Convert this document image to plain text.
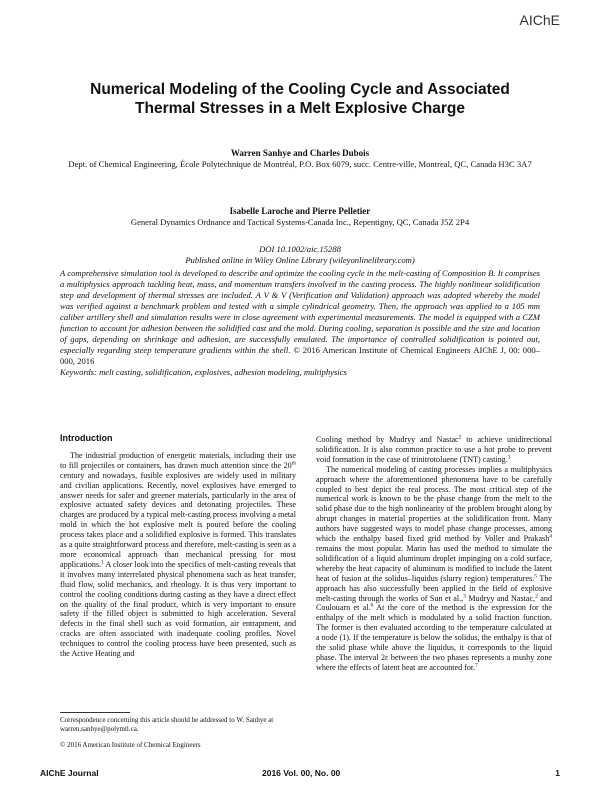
AIChE
Numerical Modeling of the Cooling Cycle and Associated Thermal Stresses in a Melt Explosive Charge
Warren Sanhye and Charles Dubois
Dept. of Chemical Engineering, École Polytechnique de Montréal, P.O. Box 6079, succ. Centre-ville, Montreal, QC, Canada H3C 3A7
Isabelle Laroche and Pierre Pelletier
General Dynamics Ordnance and Tactical Systems-Canada Inc., Repentigny, QC, Canada J5Z 2P4
DOI 10.1002/aic.15288
Published online in Wiley Online Library (wileyonlinelibrary.com)
A comprehensive simulation tool is developed to describe and optimize the cooling cycle in the melt-casting of Composition B. It comprises a multiphysics approach tackling heat, mass, and momentum transfers involved in the casting process. The highly nonlinear solidification step and development of thermal stresses are included. A V & V (Verification and Validation) approach was adopted whereby the model was verified against a benchmark problem and tested with a simple cylindrical geometry. Then, the approach was applied to a 105 mm caliber artillery shell and simulation results were in close agreement with experimental measurements. The model is equipped with a CZM function to account for adhesion between the solidified cast and the mold. During cooling, separation is possible and the size and location of gaps, depending on shrinkage and adhesion, are successfully emulated. The importance of controlled solidification is pointed out, especially regarding steep temperature gradients within the shell. © 2016 American Institute of Chemical Engineers AIChE J, 00: 000–000, 2016
Keywords: melt casting, solidification, explosives, adhesion modeling, multiphysics
Introduction

The industrial production of energetic materials, including their use to fill projectiles or containers, has drawn much attention since the 20th century and nowadays, fusible explosives are widely used in military and civilian applications. Recently, novel explosives have emerged to answer needs for safer and greener materials, particularly in the area of explosive actuated safety devices and detonating projectiles. These charges are produced by a typical melt-casting process involving a metal mold in which the hot explosive melt is poured before the cooling process takes place and a solidified explosive is formed. This translates as a quite straightforward process and therefore, melt-casting is seen as a more economical approach than mechanical pressing for most applications.$^1$ A closer look into the specifics of melt-casting reveals that it involves many interrelated physical phenomena such as heat transfer, fluid flow, solid mechanics, and rheology. It is thus very important to control the cooling conditions during casting as they have a direct effect on the quality of the final product, which is very important to ensure safety if the filled object is submitted to high acceleration. Several defects in the final shell such as void formation, air entrapment, and cracks are often associated with inadequate cooling profiles. Novel techniques to control the cooling process have been presented, such as the Active Heating and

Cooling method by Mudryy and Nastac$^2$ to achieve unidirectional solidification. It is also common practice to use a hot probe to prevent void formation in the case of trinitrotoluene (TNT) casting.$^3$

The numerical modeling of casting processes implies a multiphysics approach where the aforementioned phenomena have to be carefully coupled to best depict the real process. The most critical step of the numerical work is known to be the phase change from the melt to the solid phase due to the high nonlinearity of the problem brought along by abrupt changes in material properties at the solidification front. Many authors have suggested ways to model phase change processes, among which the enthalpy based fixed grid method by Voller and Prakash$^4$ remains the most popular. Marin has used the method to simulate the solidification of a liquid aluminum droplet impinging on a cold surface, whereby the heat capacity of aluminum is modified to include the latent heat of fusion at the solidus–liquidus (slurry region) temperatures.$^5$ The approach has also successfully been applied in the field of explosive melt-casting through the works of Sun et al.,$^3$ Mudryy and Nastac,$^2$ and Coulouarn et al.$^6$ At the core of the method is the expression for the enthalpy of the melt which is modulated by a solid fraction function. The former is then evaluated according to the temperature calculated at a node (1). If the temperature is below the solidus, the enthalpy is that of the solid phase while above the liquidus, it corresponds to the liquid phase. The interval 2ε between the two phases represents a mushy zone where the effects of latent heat are accounted for.$^7$

Correspondence concerning this article should be addressed to W. Sanhye at warren.sanhye@polymtl.ca.
© 2016 American Institute of Chemical Engineers
AIChE Journal	2016 Vol. 00, No. 00	1
